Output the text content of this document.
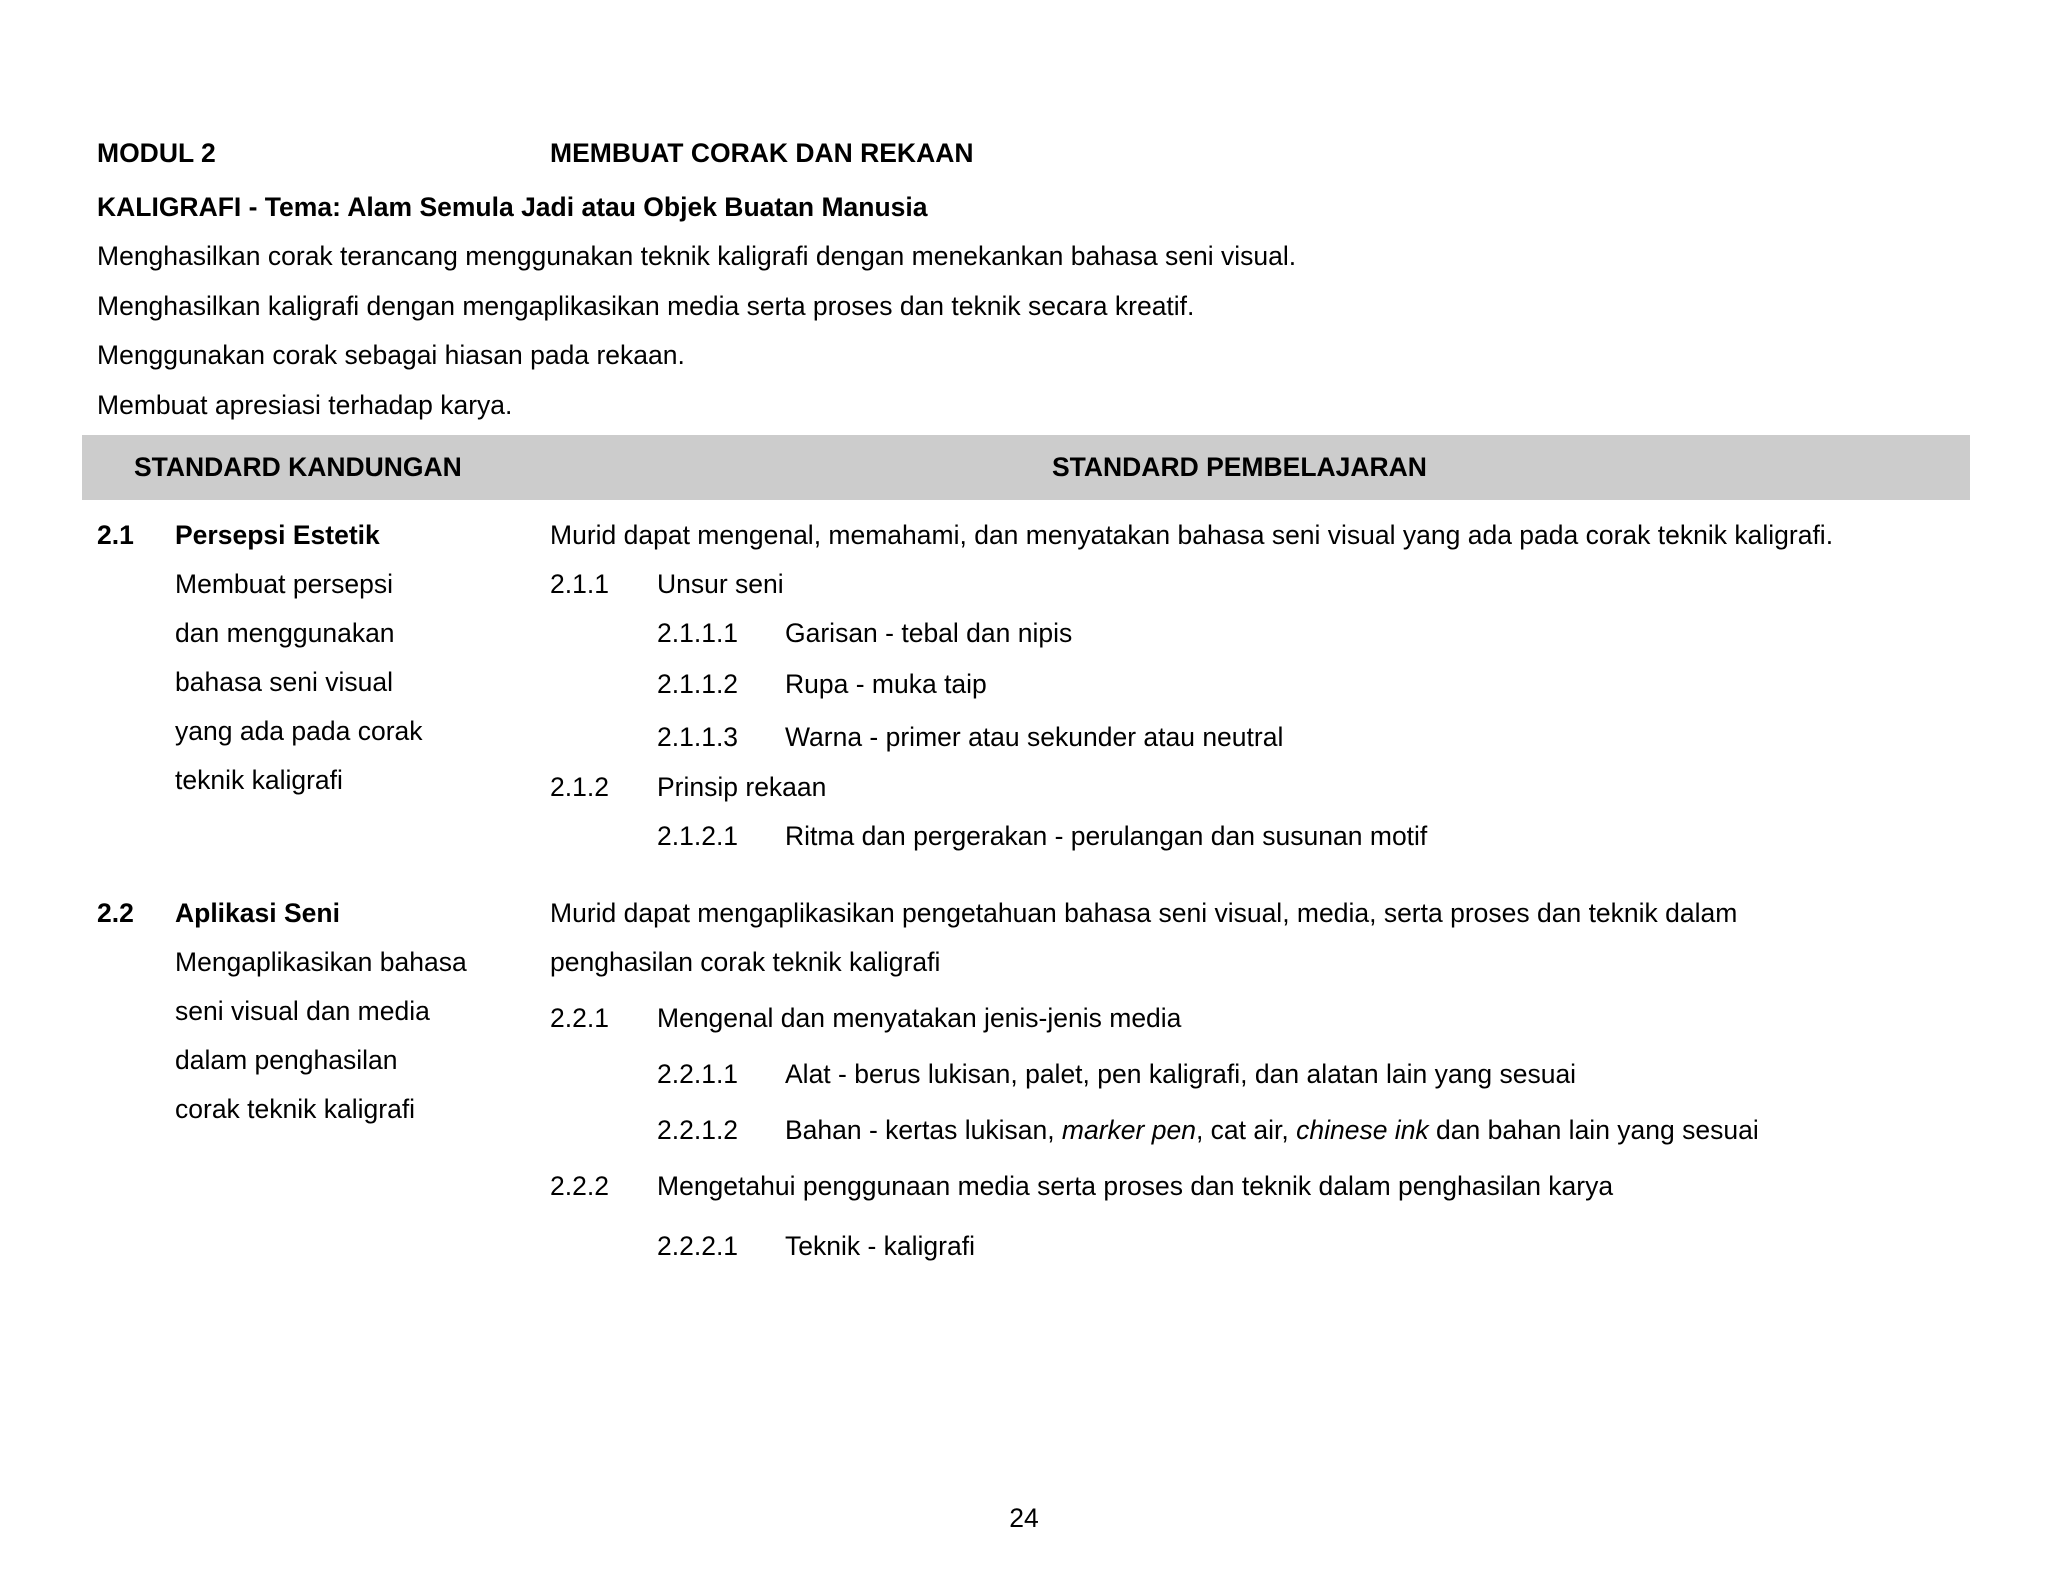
MODUL 2	MEMBUAT CORAK DAN REKAAN
KALIGRAFI - Tema: Alam Semula Jadi atau Objek Buatan Manusia
Menghasilkan corak terancang menggunakan teknik kaligrafi dengan menekankan bahasa seni visual.
Menghasilkan kaligrafi dengan mengaplikasikan media serta proses dan teknik secara kreatif.
Menggunakan corak sebagai hiasan pada rekaan.
Membuat apresiasi terhadap karya.
STANDARD KANDUNGAN	STANDARD PEMBELAJARAN
2.1 Persepsi Estetik
Membuat persepsi
dan menggunakan
bahasa seni visual
yang ada pada corak
teknik kaligrafi
Murid dapat mengenal, memahami, dan menyatakan bahasa seni visual yang ada pada corak teknik kaligrafi.
2.1.1 Unsur seni
2.1.1.1 Garisan - tebal dan nipis
2.1.1.2 Rupa - muka taip
2.1.1.3 Warna - primer atau sekunder atau neutral
2.1.2 Prinsip rekaan
2.1.2.1 Ritma dan pergerakan - perulangan dan susunan motif
2.2 Aplikasi Seni
Mengaplikasikan bahasa
seni visual dan media
dalam penghasilan
corak teknik kaligrafi
Murid dapat mengaplikasikan pengetahuan bahasa seni visual, media, serta proses dan teknik dalam
penghasilan corak teknik kaligrafi
2.2.1 Mengenal dan menyatakan jenis-jenis media
2.2.1.1 Alat - berus lukisan, palet, pen kaligrafi, dan alatan lain yang sesuai
2.2.1.2 Bahan - kertas lukisan, marker pen, cat air, chinese ink dan bahan lain yang sesuai
2.2.2 Mengetahui penggunaan media serta proses dan teknik dalam penghasilan karya
2.2.2.1 Teknik - kaligrafi
24
